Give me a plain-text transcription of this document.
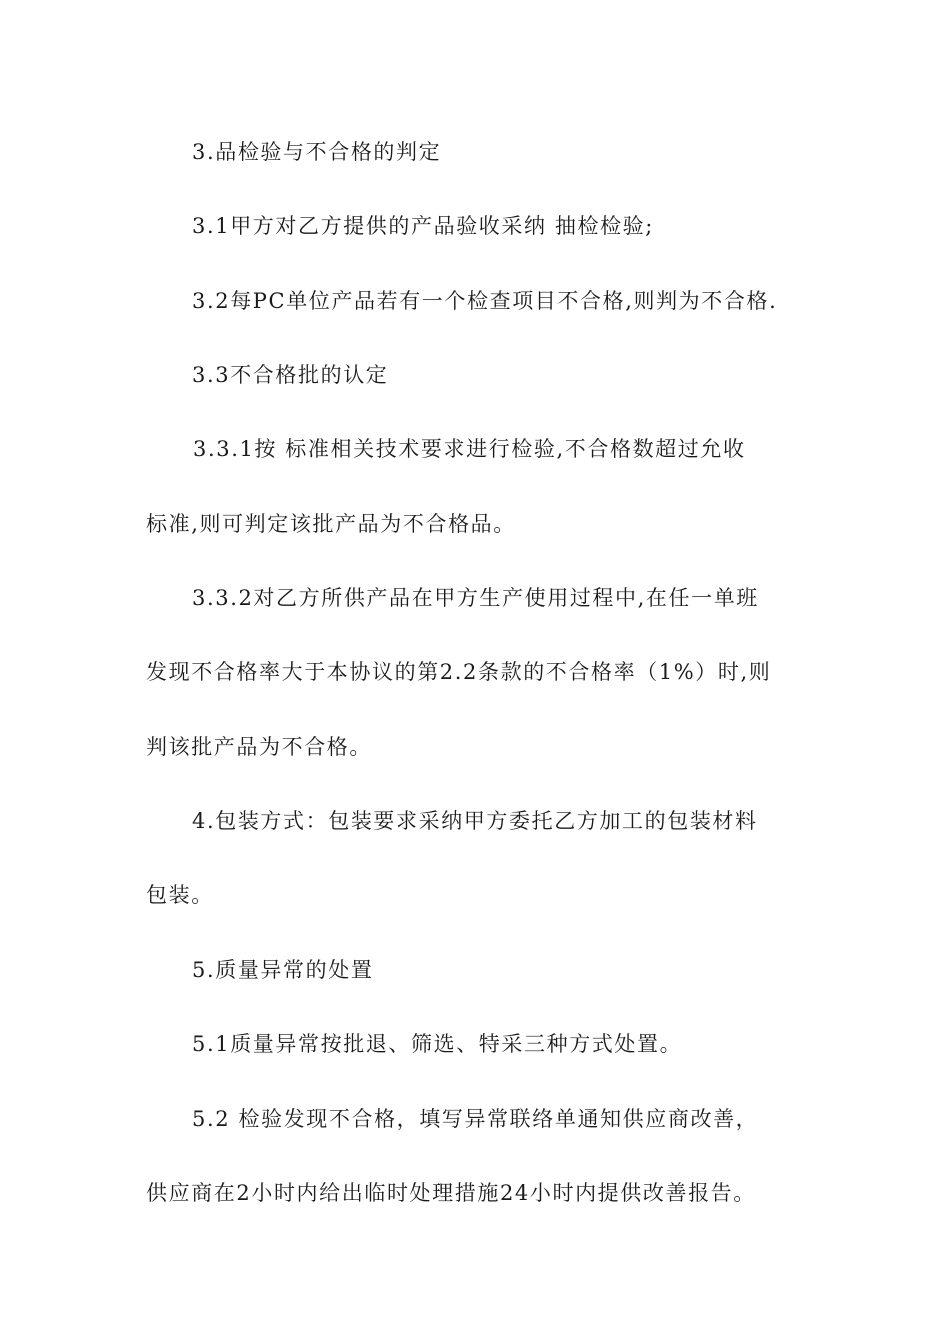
3.品检验与不合格的判定
3.1甲方对乙方提供的产品验收采纳 抽检检验;
3.2每PC单位产品若有一个检查项目不合格,则判为不合格.
3.3不合格批的认定
3.3.1按 标准相关技术要求进行检验,不合格数超过允收
标准,则可判定该批产品为不合格品。
3.3.2对乙方所供产品在甲方生产使用过程中,在任一单班
发现不合格率大于本协议的第2.2条款的不合格率（1%）时,则
判该批产品为不合格。
4.包装方式：包装要求采纳甲方委托乙方加工的包装材料
包装。
5.质量异常的处置
5.1质量异常按批退、筛选、特采三种方式处置。
5.2 检验发现不合格，填写异常联络单通知供应商改善，
供应商在2小时内给出临时处理措施24小时内提供改善报告。
